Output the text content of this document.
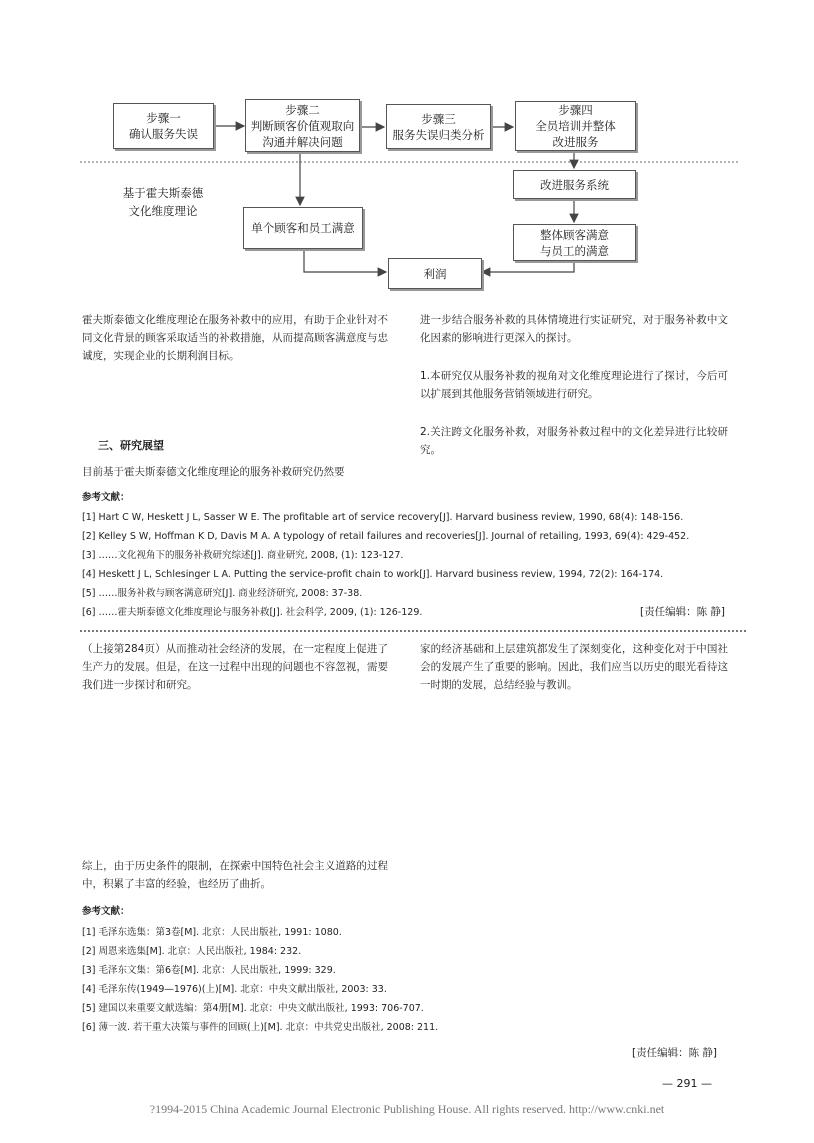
步骤一
确认服务失误
步骤二
判断顾客价值观取向
沟通并解决问题
步骤三
服务失误归类分析
步骤四
全员培训并整体
改进服务
基于霍夫斯泰德
文化维度理论
单个顾客和员工满意
改进服务系统
整体顾客满意
与员工的满意
利润
霍夫斯泰德文化维度理论在服务补救中的应用，有助于企业针对不同文化背景的顾客采取适当的补救措施，从而提高顾客满意度与忠诚度，实现企业的长期利润目标。
三、研究展望
目前基于霍夫斯泰德文化维度理论的服务补救研究仍然要
进一步结合服务补救的具体情境进行实证研究，对于服务补救中文化因素的影响进行更深入的探讨。
1.本研究仅从服务补救的视角对文化维度理论进行了探讨，今后可以扩展到其他服务营销领域进行研究。
2.关注跨文化服务补救，对服务补救过程中的文化差异进行比较研究。
参考文献：
[1] Hart C W, Heskett J L, Sasser W E. The profitable art of service recovery[J]. Harvard business review, 1990, 68(4): 148-156.
[2] Kelley S W, Hoffman K D, Davis M A. A typology of retail failures and recoveries[J]. Journal of retailing, 1993, 69(4): 429-452.
[3] ……文化视角下的服务补救研究综述[J]. 商业研究, 2008, (1): 123-127.
[4] Heskett J L, Schlesinger L A. Putting the service-profit chain to work[J]. Harvard business review, 1994, 72(2): 164-174.
[5] ……服务补救与顾客满意研究[J]. 商业经济研究, 2008: 37-38.
[6] ……霍夫斯泰德文化维度理论与服务补救[J]. 社会科学, 2009, (1): 126-129.	[责任编辑：陈 静]
（上接第284页）从而推动社会经济的发展，在一定程度上促进了生产力的发展。但是，在这一过程中出现的问题也不容忽视，需要我们进一步探讨和研究。
综上，由于历史条件的限制，在探索中国特色社会主义道路的过程中，积累了丰富的经验，也经历了曲折。
家的经济基础和上层建筑都发生了深刻变化，这种变化对于中国社会的发展产生了重要的影响。因此，我们应当以历史的眼光看待这一时期的发展，总结经验与教训。
参考文献：
[1] 毛泽东选集：第3卷[M]. 北京：人民出版社, 1991: 1080.
[2] 周恩来选集[M]. 北京：人民出版社, 1984: 232.
[3] 毛泽东文集：第6卷[M]. 北京：人民出版社, 1999: 329.
[4] 毛泽东传(1949—1976)(上)[M]. 北京：中央文献出版社, 2003: 33.
[5] 建国以来重要文献选编：第4册[M]. 北京：中央文献出版社, 1993: 706-707.
[6] 薄一波. 若干重大决策与事件的回顾(上)[M]. 北京：中共党史出版社, 2008: 211.
[责任编辑：陈 静]
— 291 —
?1994-2015 China Academic Journal Electronic Publishing House. All rights reserved. http://www.cnki.net
